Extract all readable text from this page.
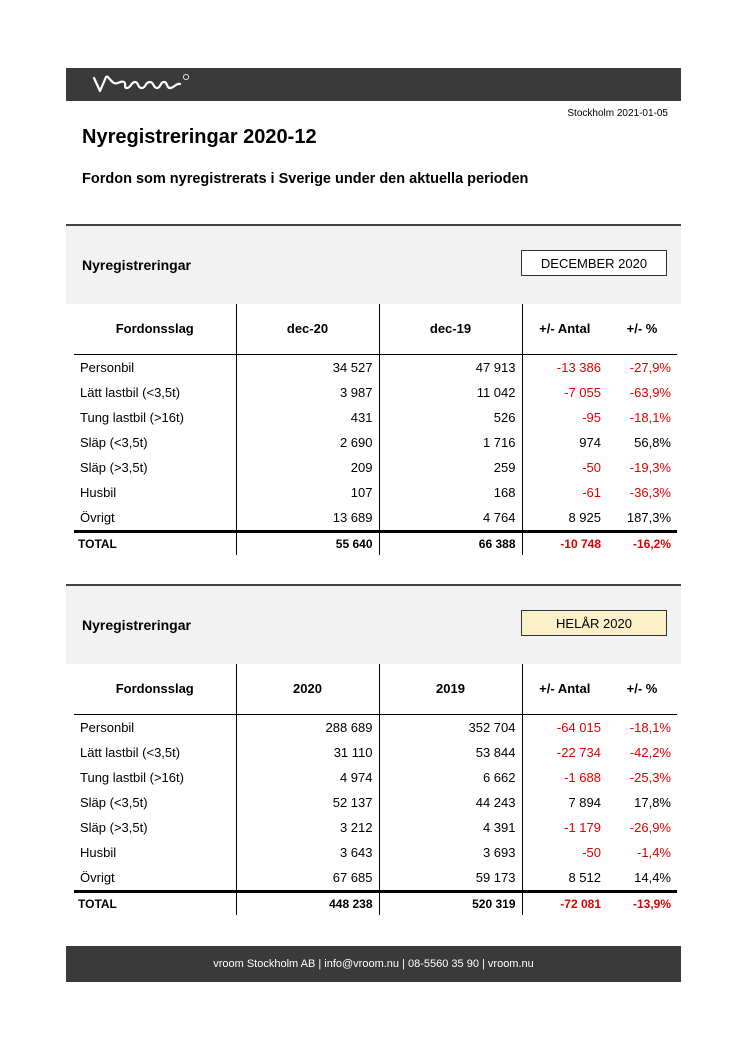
Stockholm 2021-01-05
Nyregistreringar 2020-12
Fordon som nyregistrerats i Sverige under den aktuella perioden
Nyregistreringar	DECEMBER 2020
Fordonsslag	dec-20	dec-19	+/- Antal	+/- %

Personbil	34 527	47 913	-13 386	-27,9%
Lätt lastbil (<3,5t)	3 987	11 042	-7 055	-63,9%
Tung lastbil (>16t)	431	526	-95	-18,1%
Släp (<3,5t)	2 690	1 716	974	56,8%
Släp (>3,5t)	209	259	-50	-19,3%
Husbil	107	168	-61	-36,3%
Övrigt	13 689	4 764	8 925	187,3%
TOTAL	55 640	66 388	-10 748	-16,2%
Nyregistreringar	HELÅR 2020
Fordonsslag	2020	2019	+/- Antal	+/- %

Personbil	288 689	352 704	-64 015	-18,1%
Lätt lastbil (<3,5t)	31 110	53 844	-22 734	-42,2%
Tung lastbil (>16t)	4 974	6 662	-1 688	-25,3%
Släp (<3,5t)	52 137	44 243	7 894	17,8%
Släp (>3,5t)	3 212	4 391	-1 179	-26,9%
Husbil	3 643	3 693	-50	-1,4%
Övrigt	67 685	59 173	8 512	14,4%
TOTAL	448 238	520 319	-72 081	-13,9%
vroom Stockholm AB | info@vroom.nu | 08-5560 35 90 | vroom.nu
